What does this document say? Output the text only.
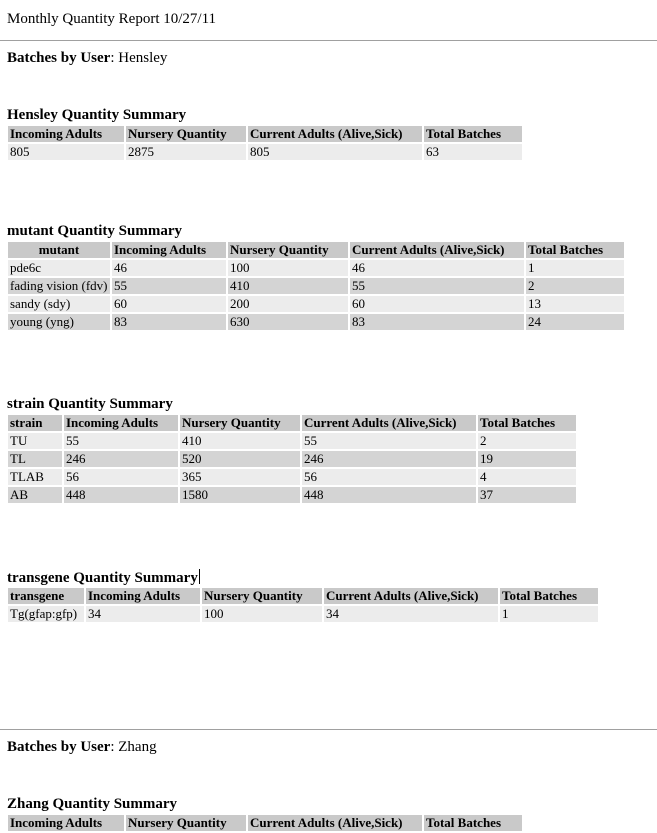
Monthly Quantity Report 10/27/11
Batches by User: Hensley
Hensley Quantity Summary
Incoming Adults	Nursery Quantity	Current Adults (Alive,Sick)	Total Batches
805	2875	805	63
mutant Quantity Summary
mutant	Incoming Adults	Nursery Quantity	Current Adults (Alive,Sick)	Total Batches
pde6c	46	100	46	1
fading vision (fdv)	55	410	55	2
sandy (sdy)	60	200	60	13
young (yng)	83	630	83	24
strain Quantity Summary
strain	Incoming Adults	Nursery Quantity	Current Adults (Alive,Sick)	Total Batches
TU	55	410	55	2
TL	246	520	246	19
TLAB	56	365	56	4
AB	448	1580	448	37
transgene Quantity Summary
transgene	Incoming Adults	Nursery Quantity	Current Adults (Alive,Sick)	Total Batches
Tg(gfap:gfp)	34	100	34	1
Batches by User: Zhang
Zhang Quantity Summary
Incoming Adults	Nursery Quantity	Current Adults (Alive,Sick)	Total Batches
